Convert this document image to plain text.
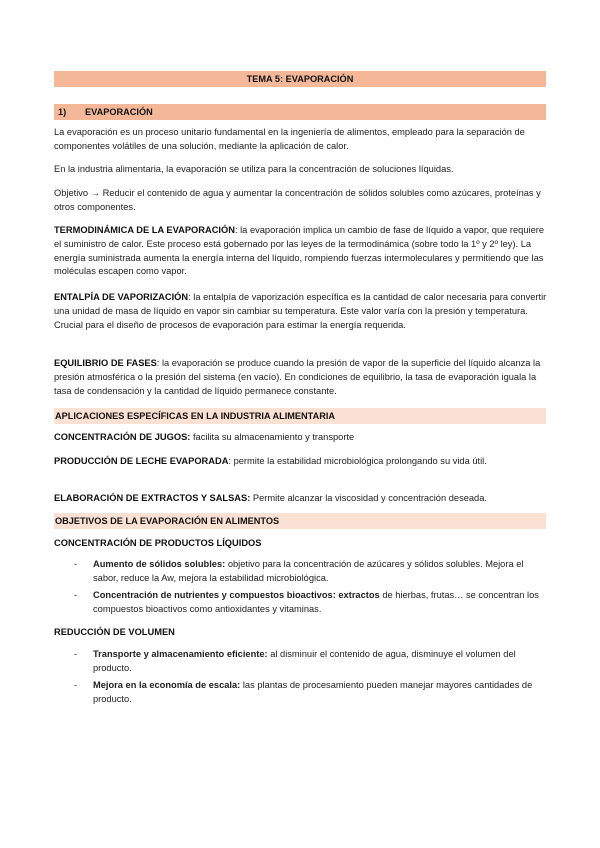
TEMA 5: EVAPORACIÓN
1) EVAPORACIÓN
La evaporación es un proceso unitario fundamental en la ingeniería de alimentos, empleado para la separación de componentes volátiles de una solución, mediante la aplicación de calor.
En la industria alimentaria, la evaporación se utiliza para la concentración de soluciones líquidas.
Objetivo → Reducir el contenido de agua y aumentar la concentración de sólidos solubles como azúcares, proteínas y otros componentes.
TERMODINÁMICA DE LA EVAPORACIÓN: la evaporación implica un cambio de fase de líquido a vapor, que requiere el suministro de calor. Este proceso está gobernado por las leyes de la termodinámica (sobre todo la 1º y 2º ley). La energía suministrada aumenta la energía interna del líquido, rompiendo fuerzas intermoleculares y permitiendo que las moléculas escapen como vapor.
ENTALPÍA DE VAPORIZACIÓN: la entalpía de vaporización específica es la cantidad de calor necesaria para convertir una unidad de masa de líquido en vapor sin cambiar su temperatura. Este valor varía con la presión y temperatura. Crucial para el diseño de procesos de evaporación para estimar la energía requerida.
EQUILIBRIO DE FASES: la evaporación se produce cuando la presión de vapor de la superficie del líquido alcanza la presión atmosférica o la presión del sistema (en vacío). En condiciones de equilibrio, la tasa de evaporación iguala la tasa de condensación y la cantidad de líquido permanece constante.
APLICACIONES ESPECÍFICAS EN LA INDUSTRIA ALIMENTARIA
CONCENTRACIÓN DE JUGOS: facilita su almacenamiento y transporte
PRODUCCIÓN DE LECHE EVAPORADA: permite la estabilidad microbiológica prolongando su vida útil.
ELABORACIÓN DE EXTRACTOS Y SALSAS: Permite alcanzar la viscosidad y concentración deseada.
OBJETIVOS DE LA EVAPORACIÓN EN ALIMENTOS
CONCENTRACIÓN DE PRODUCTOS LÍQUIDOS
- Aumento de sólidos solubles: objetivo para la concentración de azúcares y sólidos solubles. Mejora el sabor, reduce la Aw, mejora la estabilidad microbiológica.
- Concentración de nutrientes y compuestos bioactivos: extractos de hierbas, frutas… se concentran los compuestos bioactivos como antioxidantes y vitaminas.
REDUCCIÓN DE VOLUMEN
- Transporte y almacenamiento eficiente: al disminuir el contenido de agua, disminuye el volumen del producto.
- Mejora en la economía de escala: las plantas de procesamiento pueden manejar mayores cantidades de producto.
